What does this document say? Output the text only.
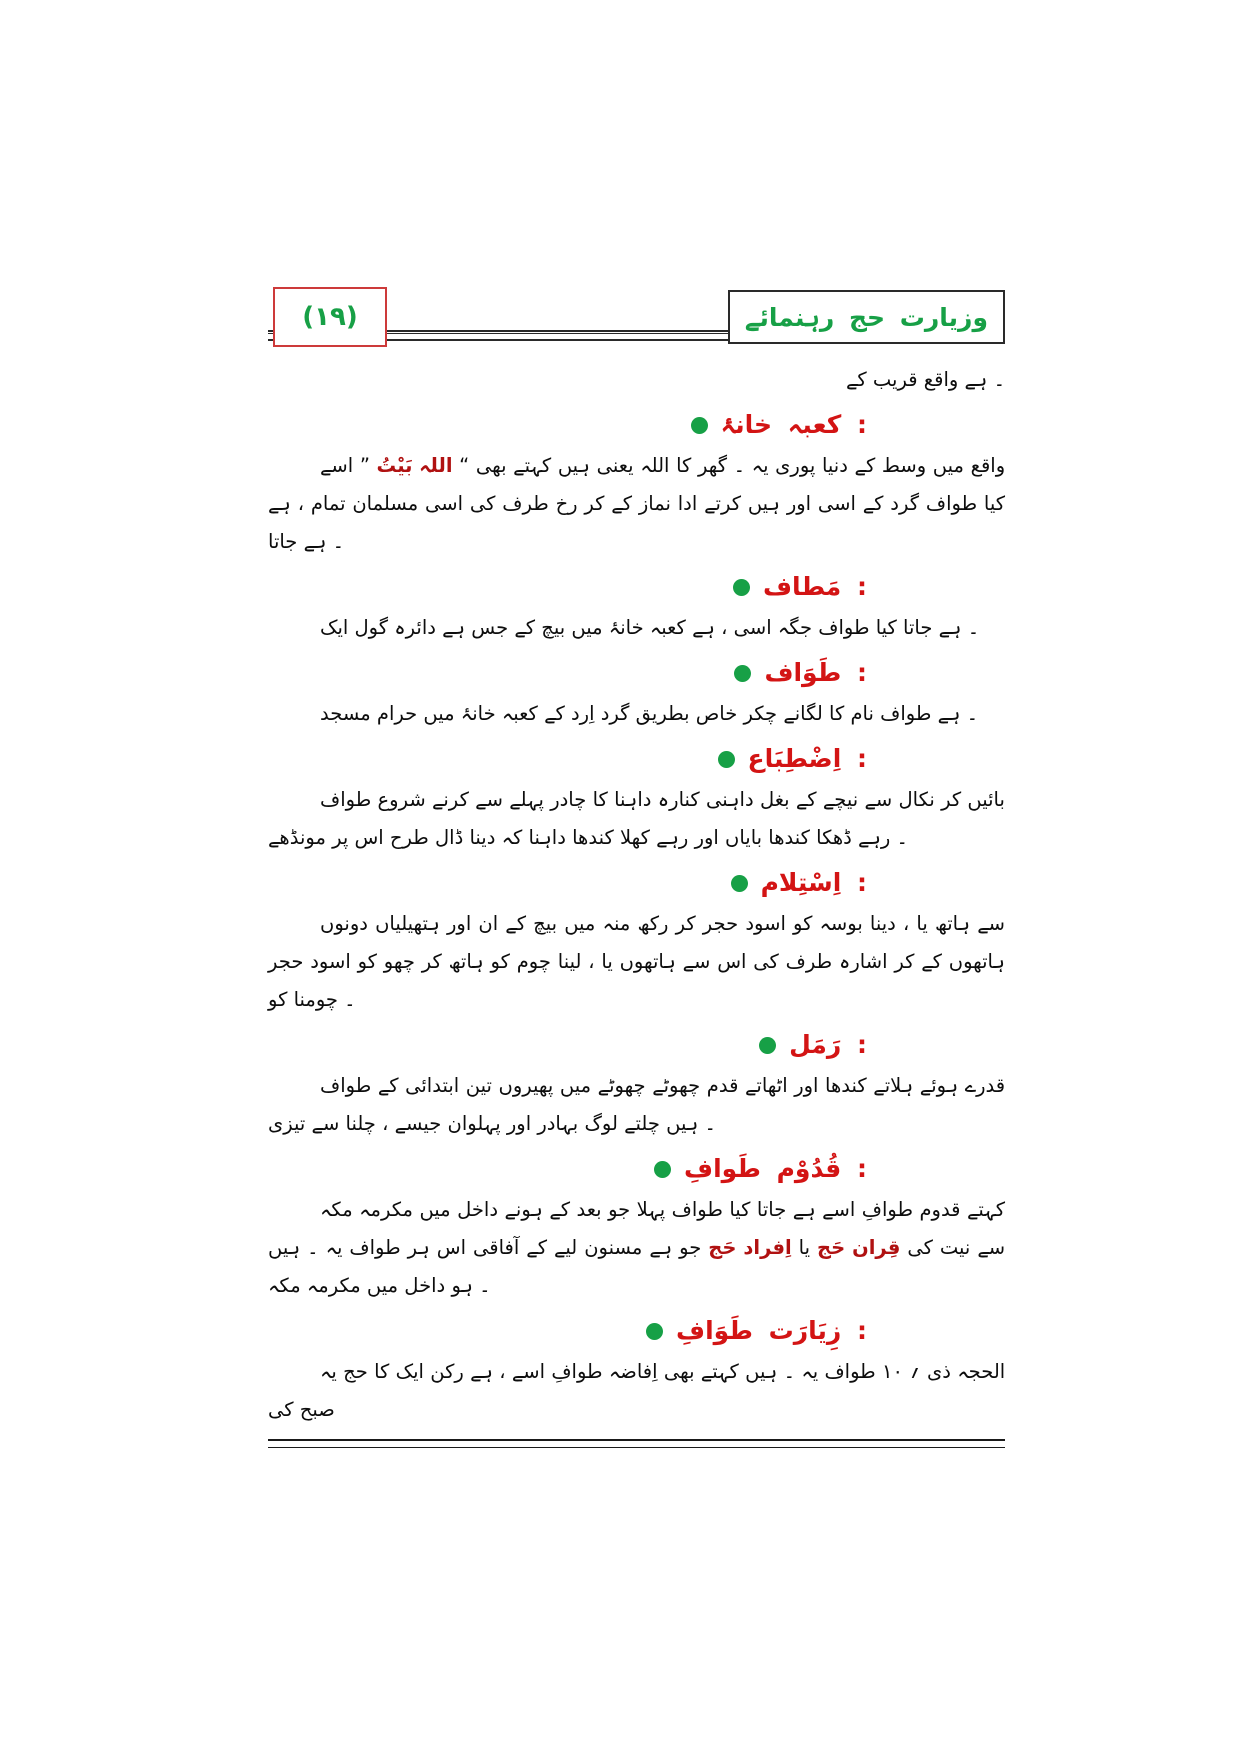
(۱۹)	رہنمائے حج وزیارت

کے قریب واقع ہے ۔

خانۂ کعبہ :

اسے ” بَیْتُ اللہ “ بھی کہتے ہیں یعنی اللہ کا گھر ۔ یہ پوری دنیا کے وسط میں واقع ہے ، تمام مسلمان اسی کی طرف رخ کر کے نماز ادا کرتے ہیں اور اسی کے گرد طواف کیا جاتا ہے ۔

مَطاف :

ایک گول دائرہ ہے جس کے بیچ میں خانۂ کعبہ ہے ، اسی جگہ طواف کیا جاتا ہے ۔

طَوَاف :

مسجد حرام میں خانۂ کعبہ کے اِرد گرد بطریق خاص چکر لگانے کا نام طواف ہے ۔

اِضْطِبَاع :

طواف شروع کرنے سے پہلے چادر کا داہنا کنارہ داہنی بغل کے نیچے سے نکال کر بائیں مونڈھے پر اس طرح ڈال دینا کہ داہنا کندھا کھلا رہے اور بایاں کندھا ڈھکا رہے ۔

اِسْتِلام :

دونوں ہتھیلیاں اور ان کے بیچ میں منہ رکھ کر حجر اسود کو بوسہ دینا ، یا ہاتھ سے حجر اسود کو چھو کر ہاتھ کو چوم لینا ، یا ہاتھوں سے اس کی طرف اشارہ کر کے ہاتھوں کو چومنا ۔

رَمَل :

طواف کے ابتدائی تین پھیروں میں چھوٹے چھوٹے قدم اٹھاتے اور کندھا ہلاتے ہوئے قدرے تیزی سے چلنا ، جیسے پہلوان اور بہادر لوگ چلتے ہیں ۔

طَوافِ قُدُوْم :

مکہ مکرمہ میں داخل ہونے کے بعد جو پہلا طواف کیا جاتا ہے اسے طوافِ قدوم کہتے ہیں ۔ یہ طواف ہر اس آفاقی کے لیے مسنون ہے جو حَج اِفراد یا حَج قِران کی نیت سے مکہ مکرمہ میں داخل ہو ۔

طَوَافِ زِیَارَت :

یہ حج کا ایک رکن ہے ، اسے طوافِ اِفاضہ بھی کہتے ہیں ۔ یہ طواف ۱۰ ؍ ذی الحجہ کی صبح
